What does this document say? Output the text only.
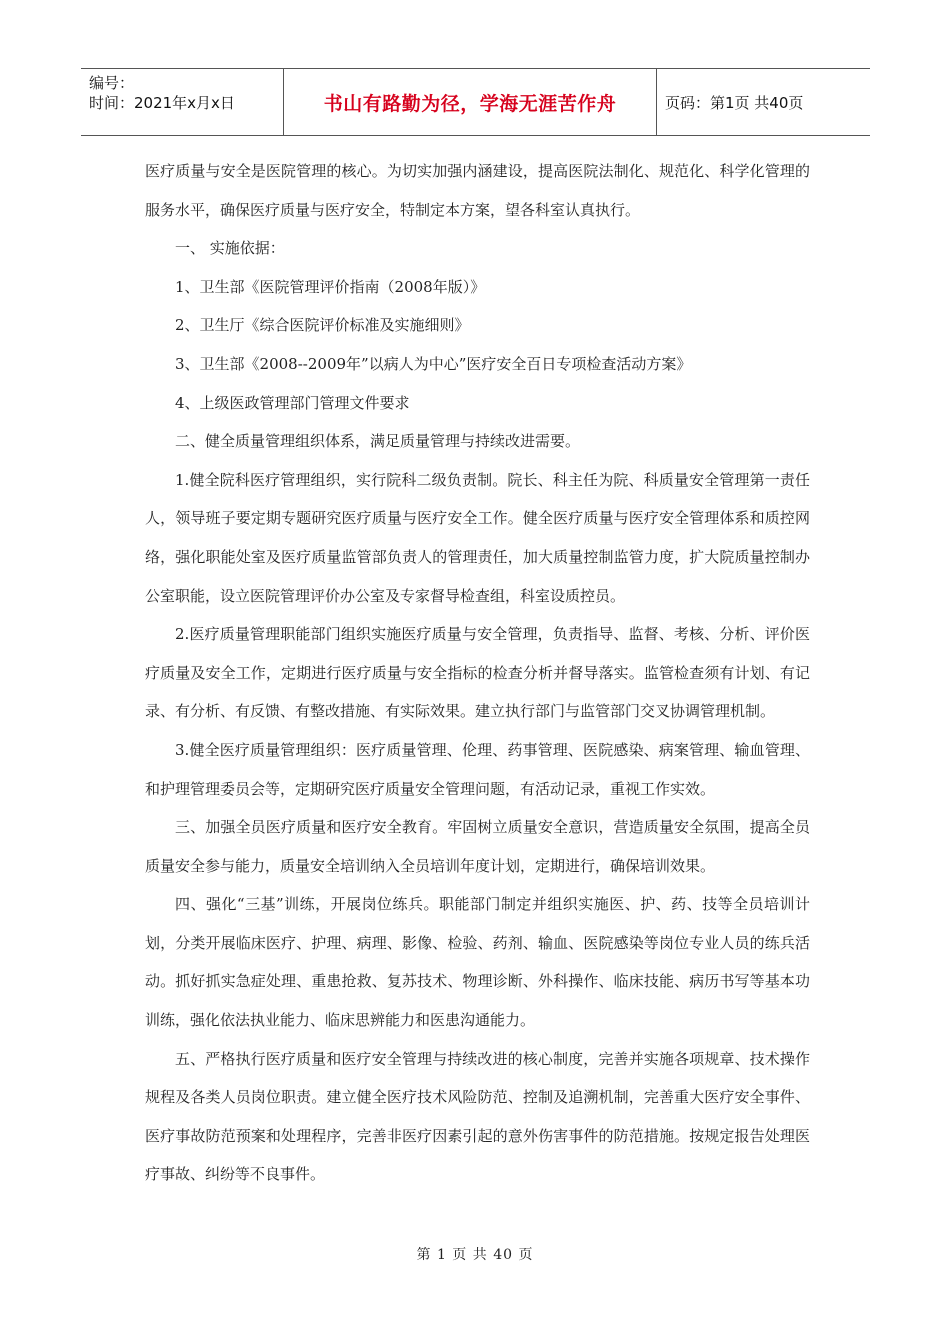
编号：
时间：2021年x月x日	书山有路勤为径，学海无涯苦作舟	页码：第1页 共40页

医疗质量与安全是医院管理的核心。为切实加强内涵建设，提高医院法制化、规范化、科学化管理的服务水平，确保医疗质量与医疗安全，特制定本方案，望各科室认真执行。

一、 实施依据：

1、卫生部《医院管理评价指南（2008年版）》

2、卫生厅《综合医院评价标准及实施细则》

3、卫生部《2008--2009年”以病人为中心”医疗安全百日专项检查活动方案》

4、上级医政管理部门管理文件要求

二、健全质量管理组织体系，满足质量管理与持续改进需要。

1.健全院科医疗管理组织，实行院科二级负责制。院长、科主任为院、科质量安全管理第一责任人，领导班子要定期专题研究医疗质量与医疗安全工作。健全医疗质量与医疗安全管理体系和质控网络，强化职能处室及医疗质量监管部负责人的管理责任，加大质量控制监管力度，扩大院质量控制办公室职能，设立医院管理评价办公室及专家督导检查组，科室设质控员。

2.医疗质量管理职能部门组织实施医疗质量与安全管理，负责指导、监督、考核、分析、评价医疗质量及安全工作，定期进行医疗质量与安全指标的检查分析并督导落实。监管检查须有计划、有记录、有分析、有反馈、有整改措施、有实际效果。建立执行部门与监管部门交叉协调管理机制。

3.健全医疗质量管理组织：医疗质量管理、伦理、药事管理、医院感染、病案管理、输血管理、和护理管理委员会等，定期研究医疗质量安全管理问题，有活动记录，重视工作实效。

三、加强全员医疗质量和医疗安全教育。牢固树立质量安全意识，营造质量安全氛围，提高全员质量安全参与能力，质量安全培训纳入全员培训年度计划，定期进行，确保培训效果。

四、强化“三基”训练，开展岗位练兵。职能部门制定并组织实施医、护、药、技等全员培训计划，分类开展临床医疗、护理、病理、影像、检验、药剂、输血、医院感染等岗位专业人员的练兵活动。抓好抓实急症处理、重患抢救、复苏技术、物理诊断、外科操作、临床技能、病历书写等基本功训练，强化依法执业能力、临床思辨能力和医患沟通能力。

五、严格执行医疗质量和医疗安全管理与持续改进的核心制度，完善并实施各项规章、技术操作规程及各类人员岗位职责。建立健全医疗技术风险防范、控制及追溯机制，完善重大医疗安全事件、医疗事故防范预案和处理程序，完善非医疗因素引起的意外伤害事件的防范措施。按规定报告处理医疗事故、纠纷等不良事件。

第 1 页 共 40 页
